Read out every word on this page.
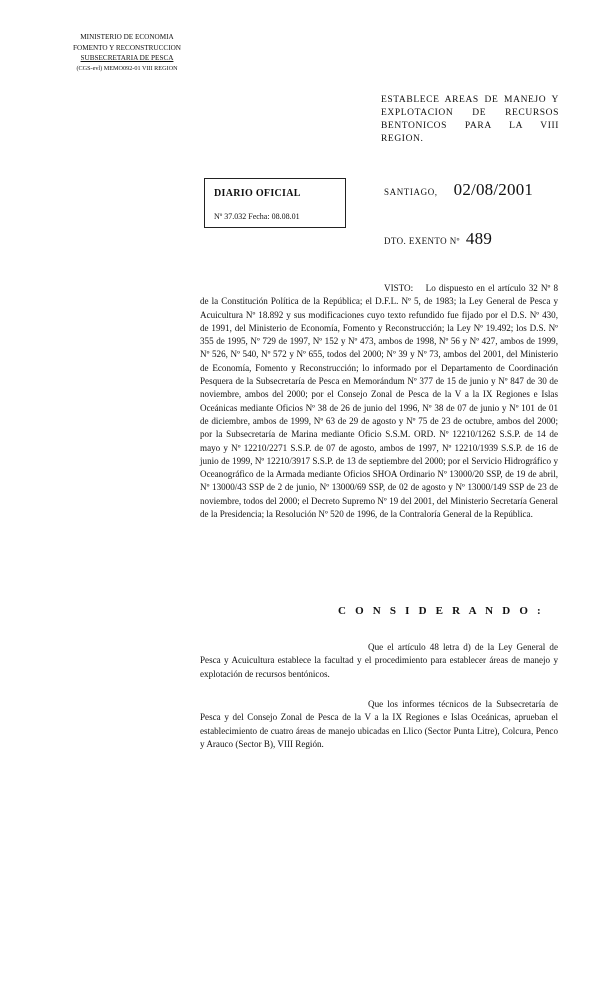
MINISTERIO DE ECONOMIA
FOMENTO Y RECONSTRUCCION
SUBSECRETARIA DE PESCA
(CGS-evl) MEMO092-01 VIII REGION
ESTABLECE AREAS DE MANEJO Y EXPLOTACION DE RECURSOS BENTONICOS PARA LA VIII REGION.
DIARIO OFICIAL
Nº 37.032 Fecha: 08.08.01
SANTIAGO, 02/08/2001
DTO. EXENTO Nº 489
VISTO: Lo dispuesto en el artículo 32 Nº 8 de la Constitución Política de la República; el D.F.L. Nº 5, de 1983; la Ley General de Pesca y Acuicultura Nº 18.892 y sus modificaciones cuyo texto refundido fue fijado por el D.S. Nº 430, de 1991, del Ministerio de Economía, Fomento y Reconstrucción; la Ley Nº 19.492; los D.S. Nº 355 de 1995, Nº 729 de 1997, Nº 152 y Nº 473, ambos de 1998, Nº 56 y Nº 427, ambos de 1999, Nº 526, Nº 540, Nº 572 y Nº 655, todos del 2000; Nº 39 y Nº 73, ambos del 2001, del Ministerio de Economía, Fomento y Reconstrucción; lo informado por el Departamento de Coordinación Pesquera de la Subsecretaría de Pesca en Memorándum Nº 377 de 15 de junio y Nº 847 de 30 de noviembre, ambos del 2000; por el Consejo Zonal de Pesca de la V a la IX Regiones e Islas Oceánicas mediante Oficios Nº 38 de 26 de junio del 1996, Nº 38 de 07 de junio y Nº 101 de 01 de diciembre, ambos de 1999, Nº 63 de 29 de agosto y Nº 75 de 23 de octubre, ambos del 2000; por la Subsecretaría de Marina mediante Oficio S.S.M. ORD. Nº 12210/1262 S.S.P. de 14 de mayo y Nº 12210/2271 S.S.P. de 07 de agosto, ambos de 1997, Nº 12210/1939 S.S.P. de 16 de junio de 1999, Nº 12210/3917 S.S.P. de 13 de septiembre del 2000; por el Servicio Hidrográfico y Oceanográfico de la Armada mediante Oficios SHOA Ordinario Nº 13000/20 SSP, de 19 de abril, Nº 13000/43 SSP de 2 de junio, Nº 13000/69 SSP, de 02 de agosto y Nº 13000/149 SSP de 23 de noviembre, todos del 2000; el Decreto Supremo Nº 19 del 2001, del Ministerio Secretaría General de la Presidencia; la Resolución Nº 520 de 1996, de la Contraloría General de la República.
C O N S I D E R A N D O :
Que el artículo 48 letra d) de la Ley General de Pesca y Acuicultura establece la facultad y el procedimiento para establecer áreas de manejo y explotación de recursos bentónicos.
Que los informes técnicos de la Subsecretaría de Pesca y del Consejo Zonal de Pesca de la V a la IX Regiones e Islas Oceánicas, aprueban el establecimiento de cuatro áreas de manejo ubicadas en Llico (Sector Punta Litre), Colcura, Penco y Arauco (Sector B), VIII Región.
